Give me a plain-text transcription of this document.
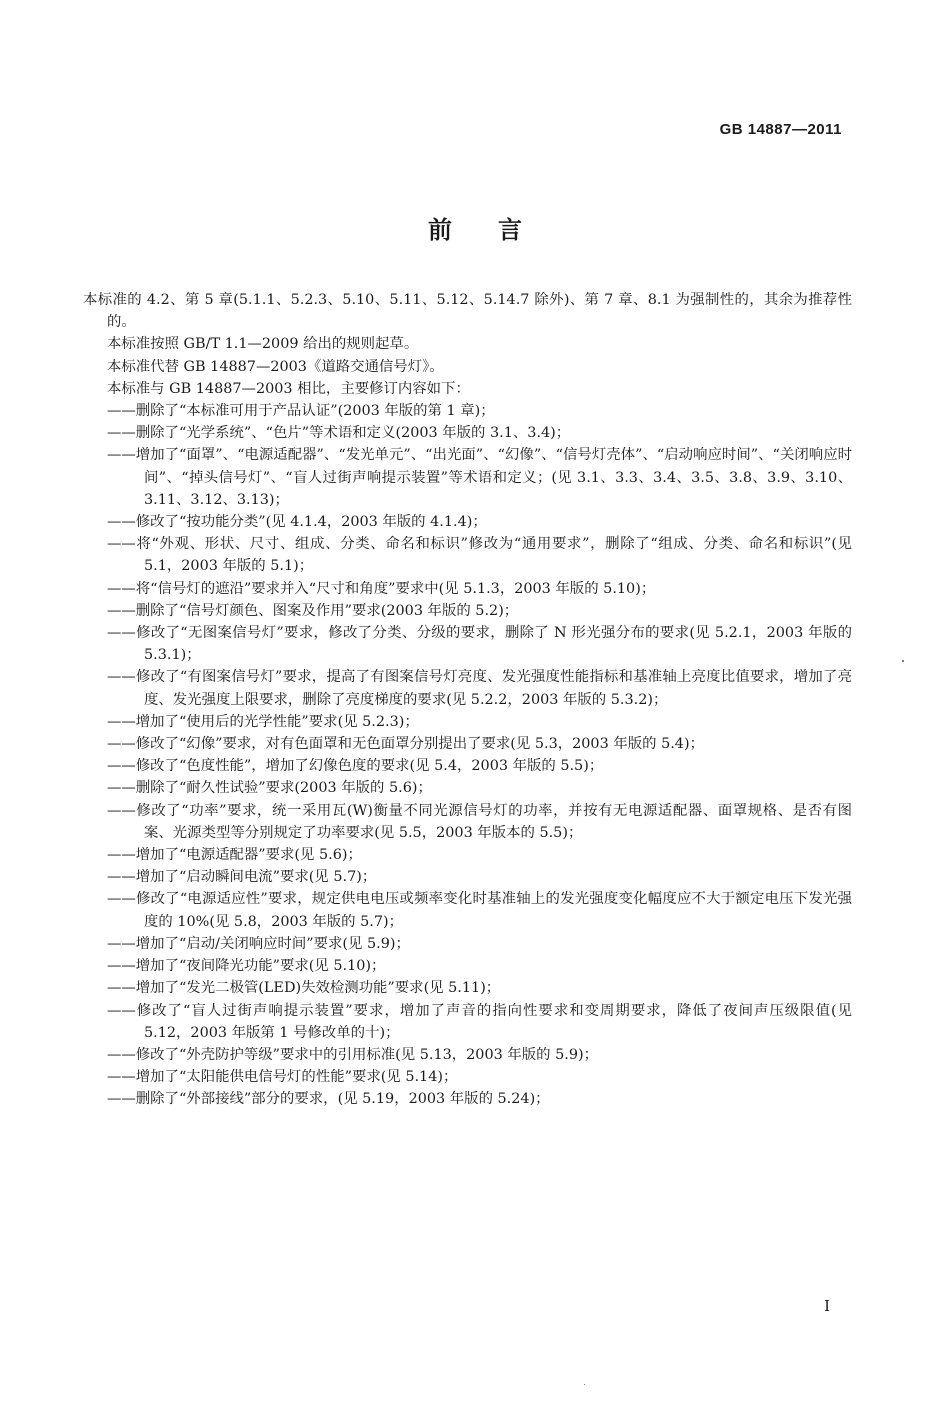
GB 14887—2011
前言

本标准的 4.2、第 5 章(5.1.1、5.2.3、5.10、5.11、5.12、5.14.7 除外)、第 7 章、8.1 为强制性的，其余为推荐性的。

本标准按照 GB/T 1.1—2009 给出的规则起草。

本标准代替 GB 14887—2003《道路交通信号灯》。

本标准与 GB 14887—2003 相比，主要修订内容如下：

——删除了“本标准可用于产品认证”(2003 年版的第 1 章)；

——删除了“光学系统”、“色片”等术语和定义(2003 年版的 3.1、3.4)；

——增加了“面罩”、“电源适配器”、“发光单元”、“出光面”、“幻像”、“信号灯壳体”、“启动响应时间”、“关闭响应时间”、“掉头信号灯”、“盲人过街声响提示装置”等术语和定义；(见 3.1、3.3、3.4、3.5、3.8、3.9、3.10、3.11、3.12、3.13)；

——修改了“按功能分类”(见 4.1.4，2003 年版的 4.1.4)；

——将“外观、形状、尺寸、组成、分类、命名和标识”修改为“通用要求”，删除了“组成、分类、命名和标识”(见 5.1，2003 年版的 5.1)；

——将“信号灯的遮沿”要求并入“尺寸和角度”要求中(见 5.1.3，2003 年版的 5.10)；

——删除了“信号灯颜色、图案及作用”要求(2003 年版的 5.2)；

——修改了“无图案信号灯”要求，修改了分类、分级的要求，删除了 N 形光强分布的要求(见 5.2.1，2003 年版的 5.3.1)；

——修改了“有图案信号灯”要求，提高了有图案信号灯亮度、发光强度性能指标和基准轴上亮度比值要求，增加了亮度、发光强度上限要求，删除了亮度梯度的要求(见 5.2.2，2003 年版的 5.3.2)；

——增加了“使用后的光学性能”要求(见 5.2.3)；

——修改了“幻像”要求，对有色面罩和无色面罩分别提出了要求(见 5.3，2003 年版的 5.4)；

——修改了“色度性能”，增加了幻像色度的要求(见 5.4，2003 年版的 5.5)；

——删除了“耐久性试验”要求(2003 年版的 5.6)；

——修改了“功率”要求，统一采用瓦(W)衡量不同光源信号灯的功率，并按有无电源适配器、面罩规格、是否有图案、光源类型等分别规定了功率要求(见 5.5，2003 年版本的 5.5)；

——增加了“电源适配器”要求(见 5.6)；

——增加了“启动瞬间电流”要求(见 5.7)；

——修改了“电源适应性”要求，规定供电电压或频率变化时基准轴上的发光强度变化幅度应不大于额定电压下发光强度的 10%(见 5.8，2003 年版的 5.7)；

——增加了“启动/关闭响应时间”要求(见 5.9)；

——增加了“夜间降光功能”要求(见 5.10)；

——增加了“发光二极管(LED)失效检测功能”要求(见 5.11)；

——修改了“盲人过街声响提示装置”要求，增加了声音的指向性要求和变周期要求，降低了夜间声压级限值(见 5.12，2003 年版第 1 号修改单的十)；

——修改了“外壳防护等级”要求中的引用标准(见 5.13，2003 年版的 5.9)；

——增加了“太阳能供电信号灯的性能”要求(见 5.14)；

——删除了“外部接线”部分的要求，(见 5.19，2003 年版的 5.24)；

I
